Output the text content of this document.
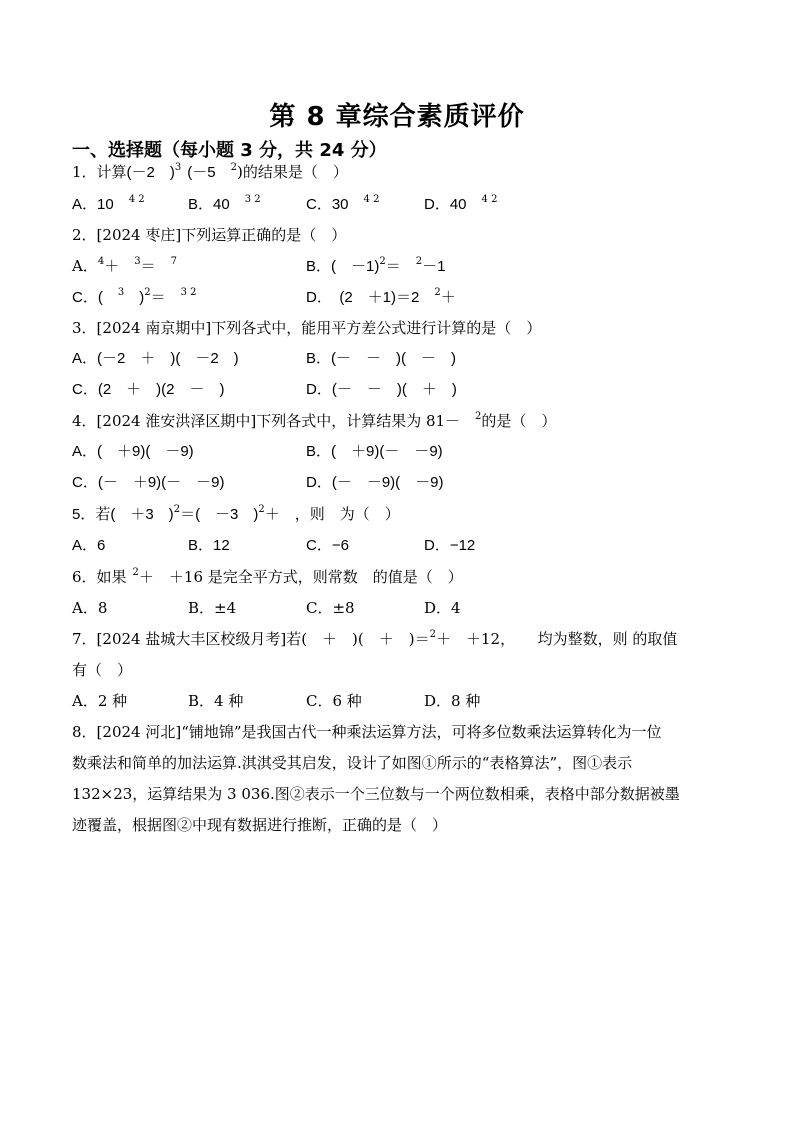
第 8 章综合素质评价
一、选择题（每小题 3 分，共 24 分）
1．计算(－2　)$^3$ (－5　$^2$)的结果是（　）
A．10　$^{4 2}$	B．40　$^{3 2}$	C．30　$^{4 2}$	D．40　$^{4 2}$
2．[2024 枣庄]下列运算正确的是（　）
A．$^4$＋　$^3$＝　$^7$	B．(　－1)$^2$＝　$^2$－1
C．(　$^3$　)$^2$＝　$^{3 2}$	D．　(2　＋1)＝2　$^2$＋
3．[2024 南京期中]下列各式中，能用平方差公式进行计算的是（　）
A．(－2　＋　)(　－2　)	B．(－　－　)(　－　)
C．(2　＋　)(2　－　)	D．(－　－　)(　＋　)
4．[2024 淮安洪泽区期中]下列各式中，计算结果为 81－　$^2$的是（　）
A．(　＋9)(　－9)	B．(　＋9)(－　－9)
C．(－　＋9)(－　－9)	D．(－　－9)(　－9)
5．若(　＋3　)$^2$＝(　－3　)$^2$＋　，则　为（　）
A．6	B．12	C．−6	D．−12
6．如果 $^2$＋　＋16 是完全平方式，则常数　的值是（　）
A．8	B．±4	C．±8	D．4
7．[2024 盐城大丰区校级月考]若(　＋　)(　＋　)＝$^2$＋　＋12，　　均为整数，则 的取值
有（　）
A．2 种	B．4 种	C．6 种	D．8 种
8．[2024 河北]“铺地锦”是我国古代一种乘法运算方法，可将多位数乘法运算转化为一位
数乘法和简单的加法运算.淇淇受其启发，设计了如图①所示的“表格算法”，图①表示
132×23，运算结果为 3 036.图②表示一个三位数与一个两位数相乘，表格中部分数据被墨
迹覆盖，根据图②中现有数据进行推断，正确的是（　）
